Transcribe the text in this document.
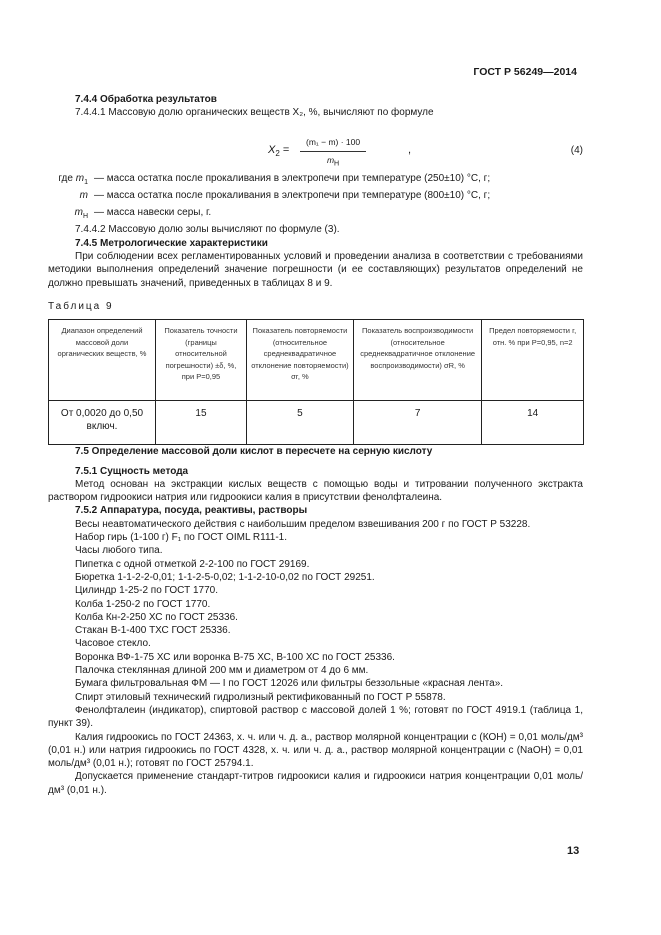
ГОСТ Р 56249—2014

7.4.4 Обработка результатов

7.4.4.1 Массовую долю органических веществ X₂, %, вычисляют по формуле

$X_2$ =
(m₁ − m) · 100
$m_Н$
,	(4)
где $m_1$ — масса остатка после прокаливания в электропечи при температуре (250±10) °С, г;
m — масса остатка после прокаливания в электропечи при температуре (800±10) °С, г;
$m_Н$ — масса навески серы, г.

7.4.4.2 Массовую долю золы вычисляют по формуле (3).

7.4.5 Метрологические характеристики

При соблюдении всех регламентированных условий и проведении анализа в соответствии с требованиями методики выполнения определений значение погрешности (и ее составляющих) результатов определений не должно превышать значений, приведенных в таблицах 8 и 9.

Таблица 9
Диапазон определений массовой доли органических веществ, %	Показатель точности (границы относительной погрешности) ±δ, %, при P=0,95	Показатель повторяемости (относительное среднеквадратичное отклонение повторяемости) σr, %	Показатель воспроизводимости (относительное среднеквадратичное отклонение воспроизводимости) σR, %	Предел повторяемости r, отн. % при P=0,95, n=2
От 0,0020 до 0,50 включ.	15	5	7	14

7.5 Определение массовой доли кислот в пересчете на серную кислоту

7.5.1 Сущность метода

Метод основан на экстракции кислых веществ с помощью воды и титровании полученного экстракта раствором гидроокиси натрия или гидроокиси калия в присутствии фенолфталеина.

7.5.2 Аппаратура, посуда, реактивы, растворы

Весы неавтоматического действия с наибольшим пределом взвешивания 200 г по ГОСТ Р 53228.

Набор гирь (1-100 г) F₁ по ГОСТ OIML R111-1.

Часы любого типа.

Пипетка с одной отметкой 2-2-100 по ГОСТ 29169.

Бюретка 1-1-2-2-0,01; 1-1-2-5-0,02; 1-1-2-10-0,02 по ГОСТ 29251.

Цилиндр 1-25-2 по ГОСТ 1770.

Колба 1-250-2 по ГОСТ 1770.

Колба Кн-2-250 ХС по ГОСТ 25336.

Стакан В-1-400 ТХС ГОСТ 25336.

Часовое стекло.

Воронка ВФ-1-75 ХС или воронка В-75 ХС, В-100 ХС по ГОСТ 25336.

Палочка стеклянная длиной 200 мм и диаметром от 4 до 6 мм.

Бумага фильтровальная ФМ — I по ГОСТ 12026 или фильтры беззольные «красная лента».

Спирт этиловый технический гидролизный ректификованный по ГОСТ Р 55878.

Фенолфталеин (индикатор), спиртовой раствор с массовой долей 1 %; готовят по ГОСТ 4919.1 (таблица 1, пункт 39).

Калия гидроокись по ГОСТ 24363, х. ч. или ч. д. а., раствор молярной концентрации c (КОН) = 0,01 моль/дм³ (0,01 н.) или натрия гидроокись по ГОСТ 4328, х. ч. или ч. д. а., раствор молярной концентрации c (NaOH) = 0,01 моль/дм³ (0,01 н.); готовят по ГОСТ 25794.1.

Допускается применение стандарт-титров гидроокиси калия и гидроокиси натрия концентрации 0,01 моль/дм³ (0,01 н.).

13
